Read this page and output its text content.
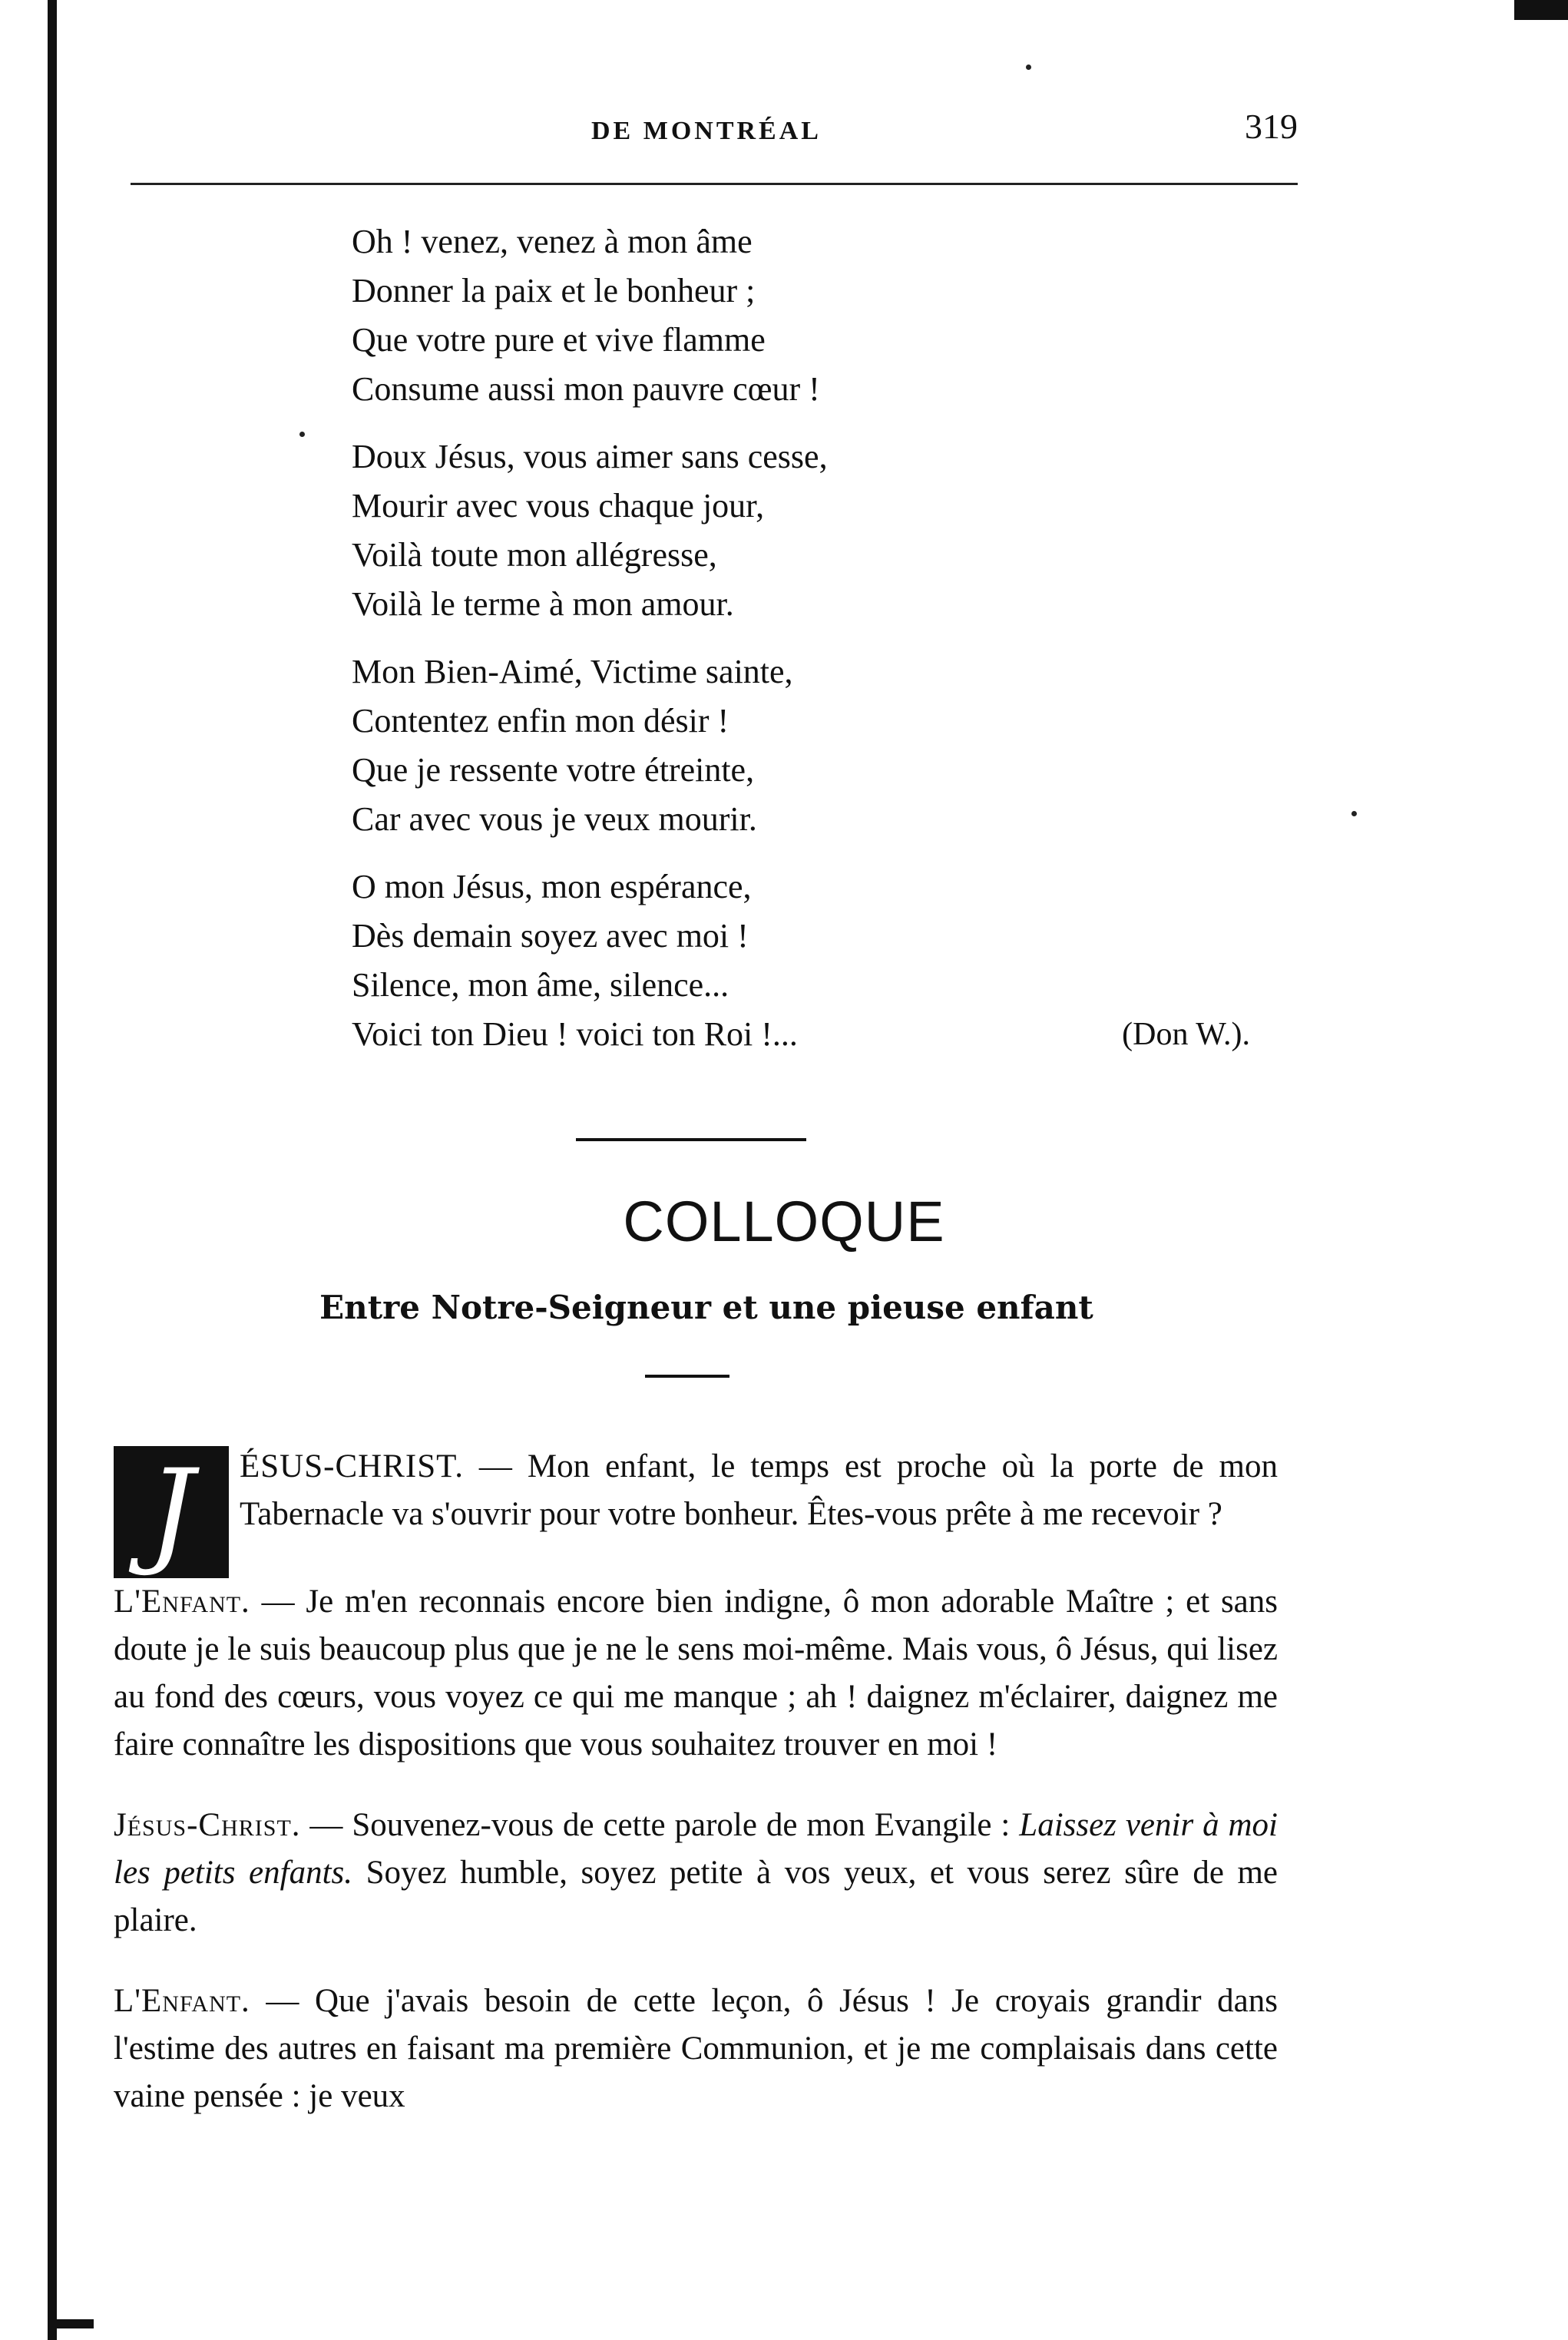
DE MONTRÉAL	319
Oh ! venez, venez à mon âme
Donner la paix et le bonheur ;
Que votre pure et vive flamme
Consume aussi mon pauvre cœur !
Doux Jésus, vous aimer sans cesse,
Mourir avec vous chaque jour,
Voilà toute mon allégresse,
Voilà le terme à mon amour.
Mon Bien-Aimé, Victime sainte,
Contentez enfin mon désir !
Que je ressente votre étreinte,
Car avec vous je veux mourir.
O mon Jésus, mon espérance,
Dès demain soyez avec moi !
Silence, mon âme, silence...
Voici ton Dieu ! voici ton Roi !...	(Don W.).
COLLOQUE
Entre Notre-Seigneur et une pieuse enfant

J	ÉSUS-CHRIST. — Mon enfant, le temps est proche où la porte de mon Tabernacle va s'ouvrir pour votre bonheur. Êtes-vous prête à me recevoir ?

L'Enfant. — Je m'en reconnais encore bien indigne, ô mon adorable Maître ; et sans doute je le suis beaucoup plus que je ne le sens moi-même. Mais vous, ô Jésus, qui lisez au fond des cœurs, vous voyez ce qui me manque ; ah ! daignez m'éclairer, daignez me faire connaître les dispositions que vous souhaitez trouver en moi !

Jésus-Christ. — Souvenez-vous de cette parole de mon Evangile : Laissez venir à moi les petits enfants. Soyez humble, soyez petite à vos yeux, et vous serez sûre de me plaire.

L'Enfant. — Que j'avais besoin de cette leçon, ô Jésus ! Je croyais grandir dans l'estime des autres en faisant ma première Communion, et je me complaisais dans cette vaine pensée : je veux
